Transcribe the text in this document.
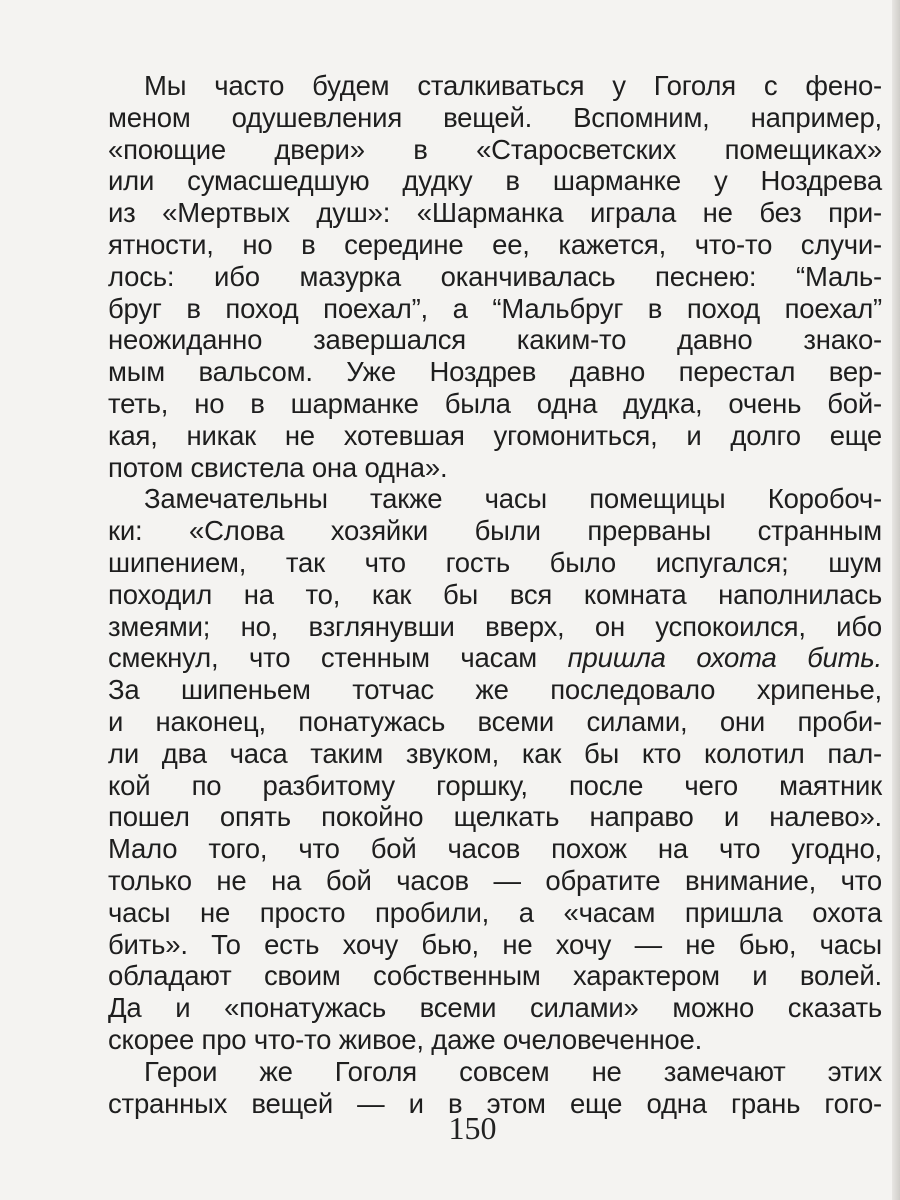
Мы часто будем сталкиваться у Гоголя с фено-
меном одушевления вещей. Вспомним, например,
«поющие двери» в «Старосветских помещиках»
или сумасшедшую дудку в шарманке у Ноздрева
из «Мертвых душ»: «Шарманка играла не без при-
ятности, но в середине ее, кажется, что-то случи-
лось: ибо мазурка оканчивалась песнею: “Маль-
бруг в поход поехал”, а “Мальбруг в поход поехал”
неожиданно завершался каким-то давно знако-
мым вальсом. Уже Ноздрев давно перестал вер-
теть, но в шарманке была одна дудка, очень бой-
кая, никак не хотевшая угомониться, и долго еще
потом свистела она одна».
Замечательны также часы помещицы Коробоч-
ки: «Слова хозяйки были прерваны странным
шипением, так что гость было испугался; шум
походил на то, как бы вся комната наполнилась
змеями; но, взглянувши вверх, он успокоился, ибо
смекнул, что стенным часам пришла охота бить.
За шипеньем тотчас же последовало хрипенье,
и наконец, понатужась всеми силами, они проби-
ли два часа таким звуком, как бы кто колотил пал-
кой по разбитому горшку, после чего маятник
пошел опять покойно щелкать направо и налево».
Мало того, что бой часов похож на что угодно,
только не на бой часов — обратите внимание, что
часы не просто пробили, а «часам пришла охота
бить». То есть хочу бью, не хочу — не бью, часы
обладают своим собственным характером и волей.
Да и «понатужась всеми силами» можно сказать
скорее про что-то живое, даже очеловеченное.
Герои же Гоголя совсем не замечают этих
странных вещей — и в этом еще одна грань гого-
150
